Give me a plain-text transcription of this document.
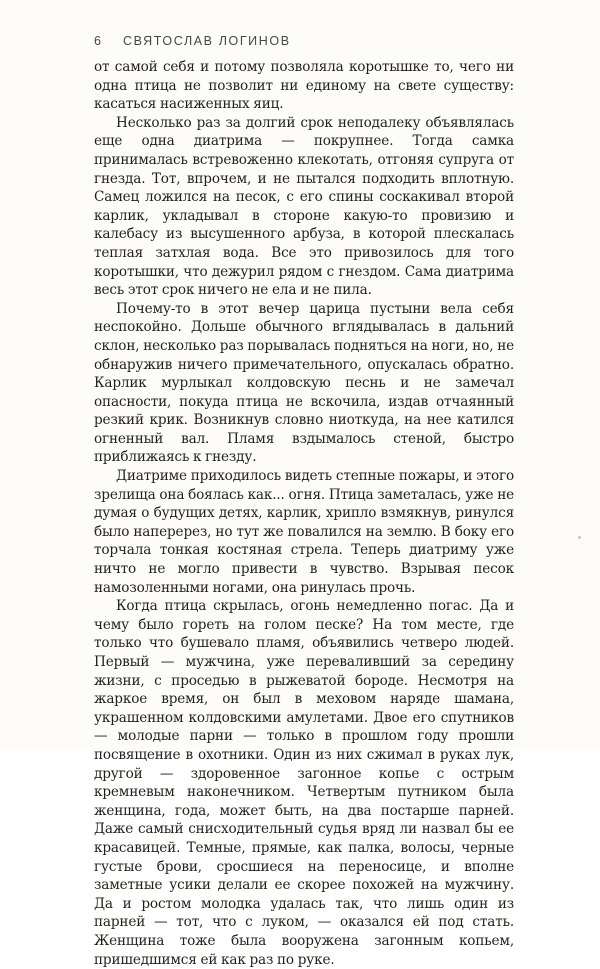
6 СВЯТОСЛАВ ЛОГИНОВ

от самой себя и потому позволяла коротышке то, чего ни одна птица не позволит ни единому на свете существу: касаться насиженных яиц.

Несколько раз за долгий срок неподалеку объявлялась еще одна диатрима — покрупнее. Тогда самка принималась встревоженно клекотать, отгоняя супруга от гнезда. Тот, впрочем, и не пытался подходить вплотную. Самец ложился на песок, с его спины соскакивал второй карлик, укладывал в стороне какую-то провизию и калебасу из высушенного арбуза, в которой плескалась теплая затхлая вода. Все это привозилось для того коротышки, что дежурил рядом с гнездом. Сама диатрима весь этот срок ничего не ела и не пила.

Почему-то в этот вечер царица пустыни вела себя неспокойно. Дольше обычного вглядывалась в дальний склон, несколько раз порывалась подняться на ноги, но, не обнаружив ничего примечательного, опускалась обратно. Карлик мурлыкал колдовскую песнь и не замечал опасности, покуда птица не вскочила, издав отчаянный резкий крик. Возникнув словно ниоткуда, на нее катился огненный вал. Пламя вздымалось стеной, быстро приближаясь к гнезду.

Диатриме приходилось видеть степные пожары, и этого зрелища она боялась как... огня. Птица заметалась, уже не думая о будущих детях, карлик, хрипло взмякнув, ринулся было наперерез, но тут же повалился на землю. В боку его торчала тонкая костяная стрела. Теперь диатриму уже ничто не могло привести в чувство. Взрывая песок намозоленными ногами, она ринулась прочь.

Когда птица скрылась, огонь немедленно погас. Да и чему было гореть на голом песке? На том месте, где только что бушевало пламя, объявились четверо людей. Первый — мужчина, уже переваливший за середину жизни, с проседью в рыжеватой бороде. Несмотря на жаркое время, он был в меховом наряде шамана, украшенном колдовскими амулетами. Двое его спутников — молодые парни — только в прошлом году прошли посвящение в охотники. Один из них сжимал в руках лук, другой — здоровенное загонное копье с острым кремневым наконечником. Четвертым путником была женщина, года, может быть, на два постарше парней. Даже самый снисходительный судья вряд ли назвал бы ее красавицей. Темные, прямые, как палка, волосы, черные густые брови, сросшиеся на переносице, и вполне заметные усики делали ее скорее похожей на мужчину. Да и ростом молодка удалась так, что лишь один из парней — тот, что с луком, — оказался ей под стать. Женщина тоже была вооружена загонным копьем, пришедшимся ей как раз по руке.
